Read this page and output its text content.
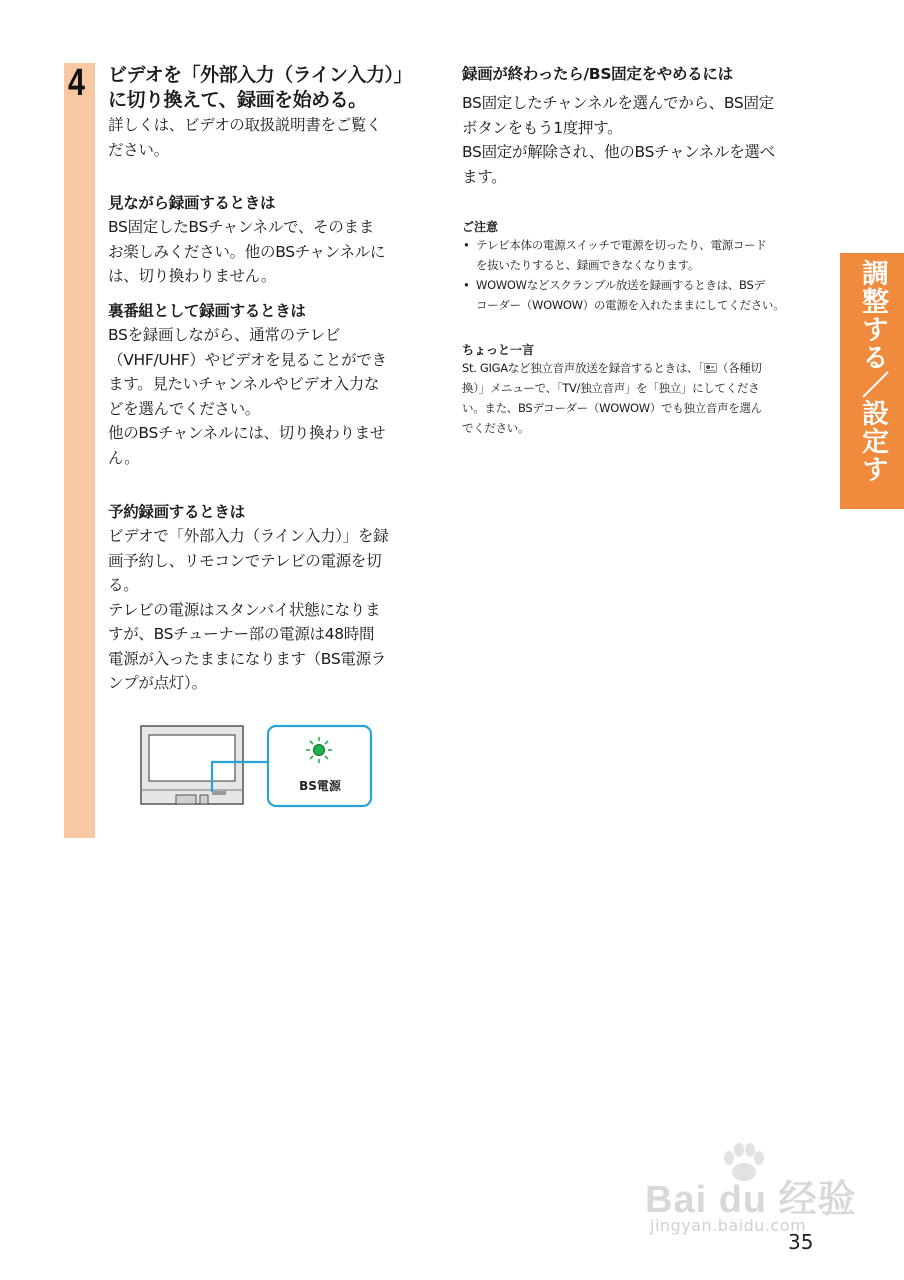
4 ビデオを「外部入力（ライン入力）」
に切り換えて、録画を始める。
詳しくは、ビデオの取扱説明書をご覧く
ださい。
見ながら録画するときは
BS固定したBSチャンネルで、そのまま
お楽しみください。他のBSチャンネルに
は、切り換わりません。
裏番組として録画するときは
BSを録画しながら、通常のテレビ
（VHF/UHF）やビデオを見ることができ
ます。見たいチャンネルやビデオ入力な
どを選んでください。
他のBSチャンネルには、切り換わりませ
ん。
予約録画するときは
ビデオで「外部入力（ライン入力）」を録
画予約し、リモコンでテレビの電源を切
る。
テレビの電源はスタンバイ状態になりま
すが、BSチューナー部の電源は48時間
電源が入ったままになります（BS電源ラ
ンプが点灯）。
BS電源
録画が終わったら/BS固定をやめるには
BS固定したチャンネルを選んでから、BS固定
ボタンをもう1度押す。
BS固定が解除され、他のBSチャンネルを選べ
ます。
ご注意
• テレビ本体の電源スイッチで電源を切ったり、電源コード
を抜いたりすると、録画できなくなります。
• WOWOWなどスクランブル放送を録画するときは、BSデ
コーダー（WOWOW）の電源を入れたままにしてください。
ちょっと一言
St. GIGAなど独立音声放送を録音するときは、「🖭（各種切
換）」メニューで、「TV/独立音声」を「独立」にしてくださ
い。また、BSデコーダー（WOWOW）でも独立音声を選ん
でください。	調整する／設定する
Bai du 经验
jingyan.baidu.com
35
